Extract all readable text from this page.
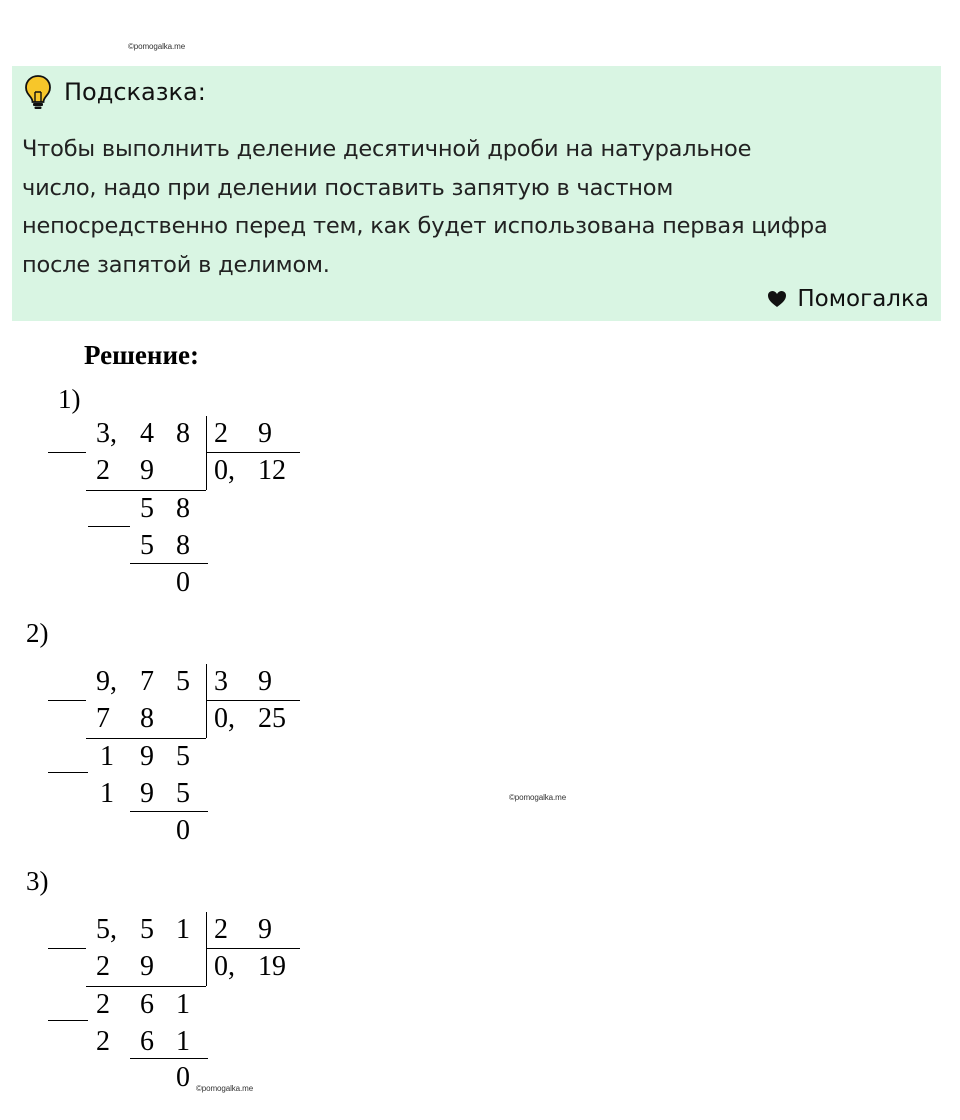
©pomogalka.me
Подсказка:
Чтобы выполнить деление десятичной дроби на натуральное
число, надо при делении поставить запятую в частном
непосредственно перед тем, как будет использована первая цифра
после запятой в делимом.
Помогалка
Решение:
1)
3, 4 8 2 9
2 9 0, 12
5 8
5 8
0
2)
9, 7 5 3 9
7 8 0, 25
1 9 5
1 9 5
0
©pomogalka.me
3)
5, 5 1 2 9
2 9 0, 19
2 6 1
2 6 1
0 ©pomogalka.me
